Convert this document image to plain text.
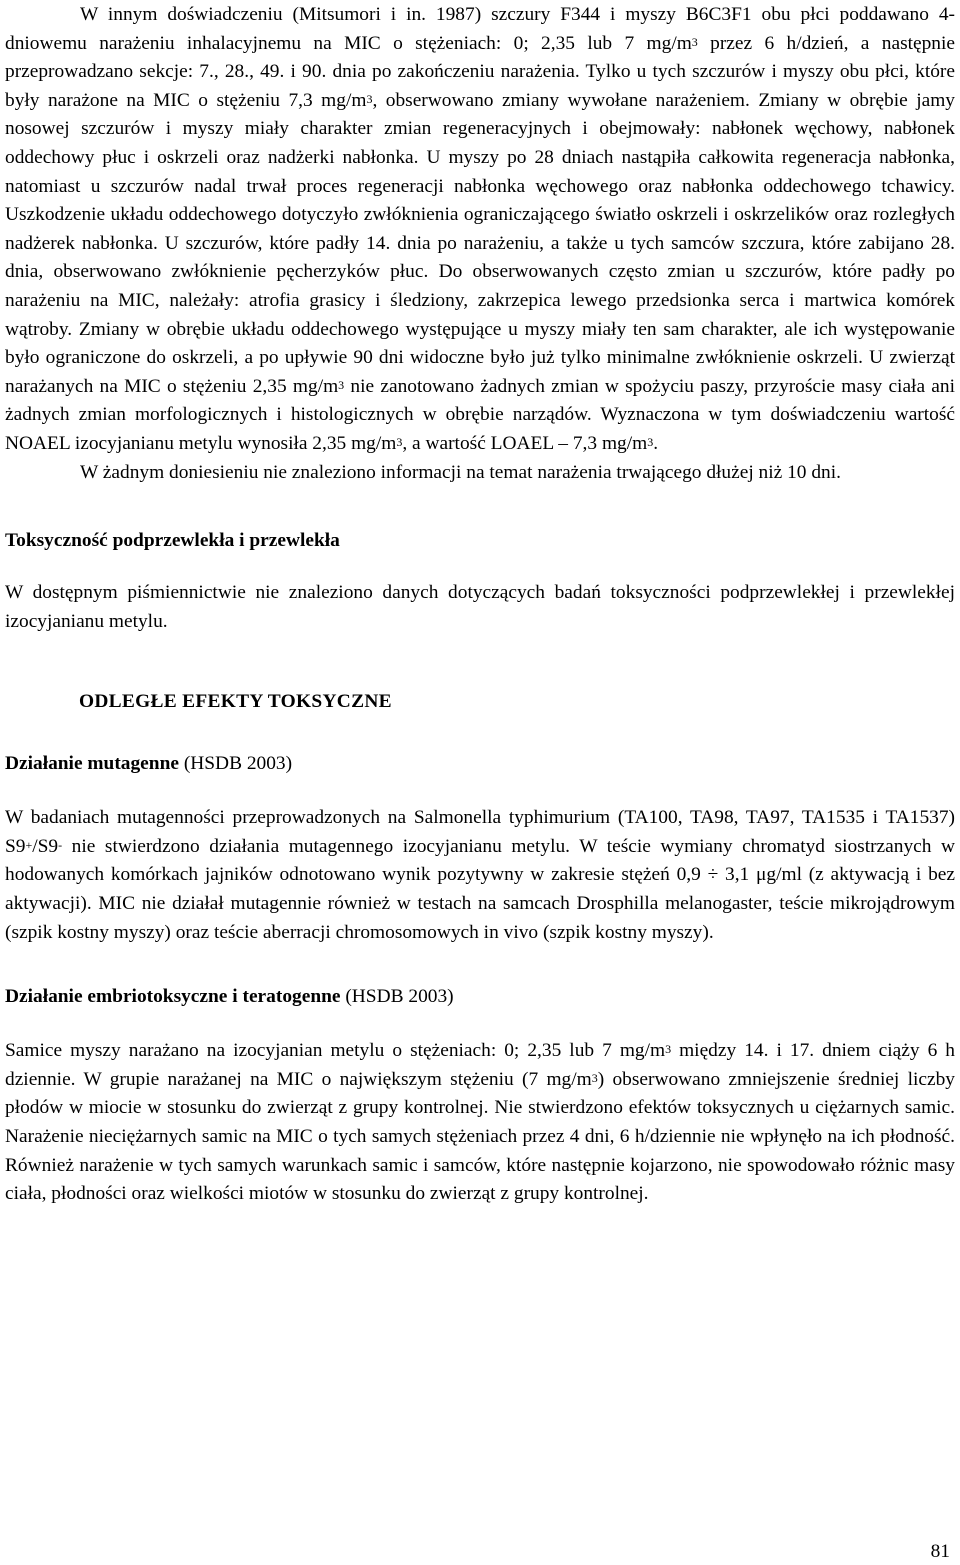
W innym doświadczeniu (Mitsumori i in. 1987) szczury F344 i myszy B6C3F1 obu płci poddawano 4-dniowemu narażeniu inhalacyjnemu na MIC o stężeniach: 0; 2,35 lub 7 $mg/m^3$ przez 6 h/dzień, a następnie przeprowadzano sekcje: 7., 28., 49. i 90. dnia po zakończeniu narażenia. Tylko u tych szczurów i myszy obu płci, które były narażone na MIC o stężeniu 7,3 $mg/m^3$, obserwowano zmiany wywołane narażeniem. Zmiany w obrębie jamy nosowej szczurów i myszy miały charakter zmian regeneracyjnych i obejmowały: nabłonek węchowy, nabłonek oddechowy płuc i oskrzeli oraz nadżerki nabłonka. U myszy po 28 dniach nastąpiła całkowita regeneracja nabłonka, natomiast u szczurów nadal trwał proces regeneracji nabłonka węchowego oraz nabłonka oddechowego tchawicy. Uszkodzenie układu oddechowego dotyczyło zwłóknienia ograniczającego światło oskrzeli i oskrzelików oraz rozległych nadżerek nabłonka. U szczurów, które padły 14. dnia po narażeniu, a także u tych samców szczura, które zabijano 28. dnia, obserwowano zwłóknienie pęcherzyków płuc. Do obserwowanych często zmian u szczurów, które padły po narażeniu na MIC, należały: atrofia grasicy i śledziony, zakrzepica lewego przedsionka serca i martwica komórek wątroby. Zmiany w obrębie układu oddechowego występujące u myszy miały ten sam charakter, ale ich występowanie było ograniczone do oskrzeli, a po upływie 90 dni widoczne było już tylko minimalne zwłóknienie oskrzeli. U zwierząt narażanych na MIC o stężeniu 2,35 $mg/m^3$ nie zanotowano żadnych zmian w spożyciu paszy, przyroście masy ciała ani żadnych zmian morfologicznych i histologicznych w obrębie narządów. Wyznaczona w tym doświadczeniu wartość NOAEL izocyjanianu metylu wynosiła 2,35 $mg/m^3$, a wartość LOAEL – 7,3 $mg/m^3$.

W żadnym doniesieniu nie znaleziono informacji na temat narażenia trwającego dłużej niż 10 dni.

Toksyczność podprzewlekła i przewlekła

W dostępnym piśmiennictwie nie znaleziono danych dotyczących badań toksyczności podprzewlekłej i przewlekłej izocyjanianu metylu.

ODLEGŁE EFEKTY TOKSYCZNE

Działanie mutagenne (HSDB 2003)

W badaniach mutagenności przeprowadzonych na Salmonella typhimurium (TA100, TA98, TA97, TA1535 i TA1537) S9+/S9- nie stwierdzono działania mutagennego izocyjanianu metylu. W teście wymiany chromatyd siostrzanych w hodowanych komórkach jajników odnotowano wynik pozytywny w zakresie stężeń 0,9 ÷ 3,1 μg/ml (z aktywacją i bez aktywacji). MIC nie działał mutagennie również w testach na samcach Drosphilla melanogaster, teście mikrojądrowym (szpik kostny myszy) oraz teście aberracji chromosomowych in vivo (szpik kostny myszy).

Działanie embriotoksyczne i teratogenne (HSDB 2003)

Samice myszy narażano na izocyjanian metylu o stężeniach: 0; 2,35 lub 7 $mg/m^3$ między 14. i 17. dniem ciąży 6 h dziennie. W grupie narażanej na MIC o największym stężeniu (7 $mg/m^3$) obserwowano zmniejszenie średniej liczby płodów w miocie w stosunku do zwierząt z grupy kontrolnej. Nie stwierdzono efektów toksycznych u ciężarnych samic. Narażenie nieciężarnych samic na MIC o tych samych stężeniach przez 4 dni, 6 h/dziennie nie wpłynęło na ich płodność. Również narażenie w tych samych warunkach samic i samców, które następnie kojarzono, nie spowodowało różnic masy ciała, płodności oraz wielkości miotów w stosunku do zwierząt z grupy kontrolnej.

81
